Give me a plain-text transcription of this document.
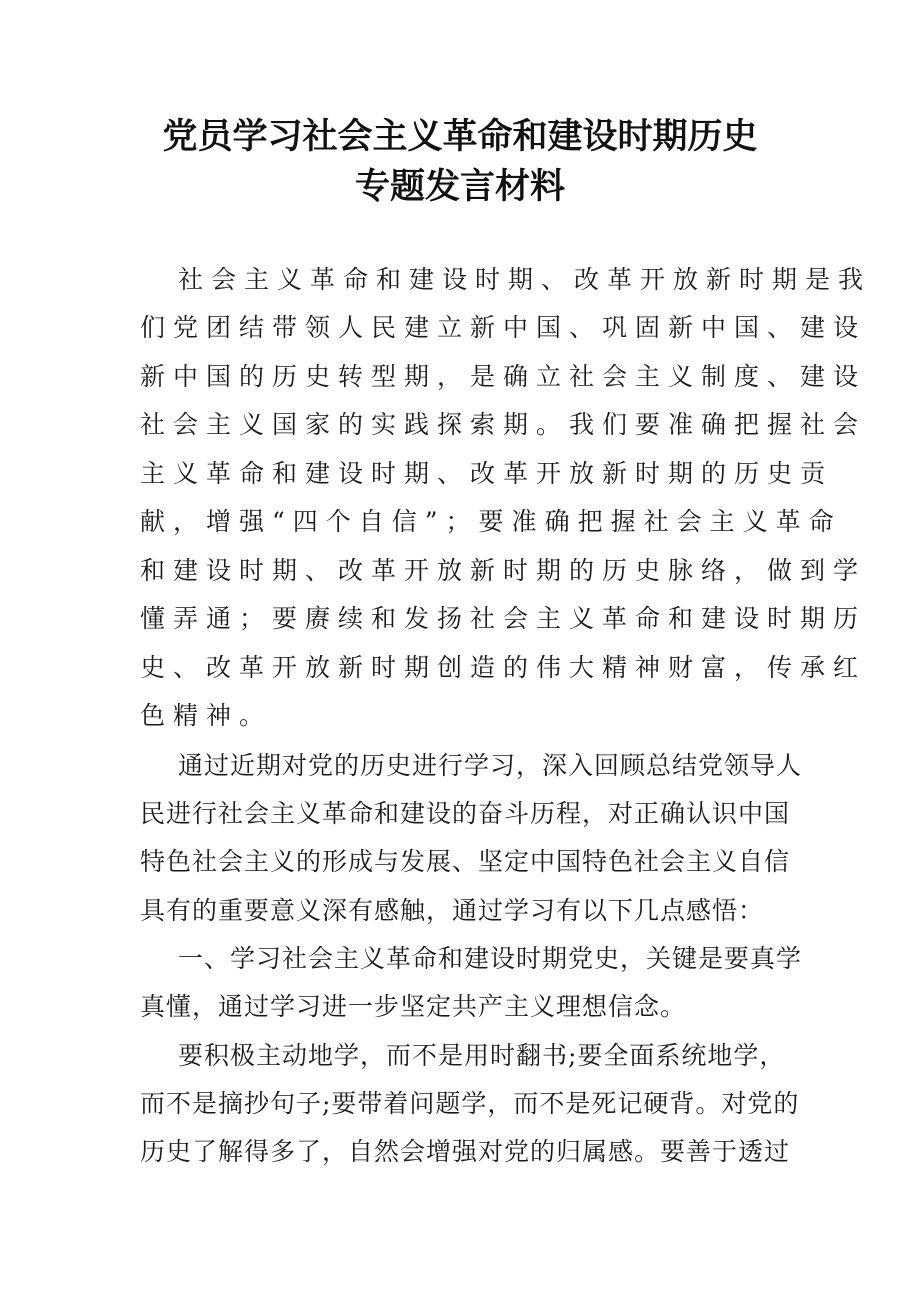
党员学习社会主义革命和建设时期历史
专题发言材料
社会主义革命和建设时期、改革开放新时期是我
们党团结带领人民建立新中国、巩固新中国、建设
新中国的历史转型期，是确立社会主义制度、建设
社会主义国家的实践探索期。我们要准确把握社会
主义革命和建设时期、改革开放新时期的历史贡
献，增强“四个自信”；要准确把握社会主义革命
和建设时期、改革开放新时期的历史脉络，做到学
懂弄通；要赓续和发扬社会主义革命和建设时期历
史、改革开放新时期创造的伟大精神财富，传承红
色精神。
通过近期对党的历史进行学习，深入回顾总结党领导人
民进行社会主义革命和建设的奋斗历程，对正确认识中国
特色社会主义的形成与发展、坚定中国特色社会主义自信
具有的重要意义深有感触，通过学习有以下几点感悟：
一、学习社会主义革命和建设时期党史，关键是要真学
真懂，通过学习进一步坚定共产主义理想信念。
要积极主动地学，而不是用时翻书;要全面系统地学，
而不是摘抄句子;要带着问题学，而不是死记硬背。对党的
历史了解得多了，自然会增强对党的归属感。要善于透过
